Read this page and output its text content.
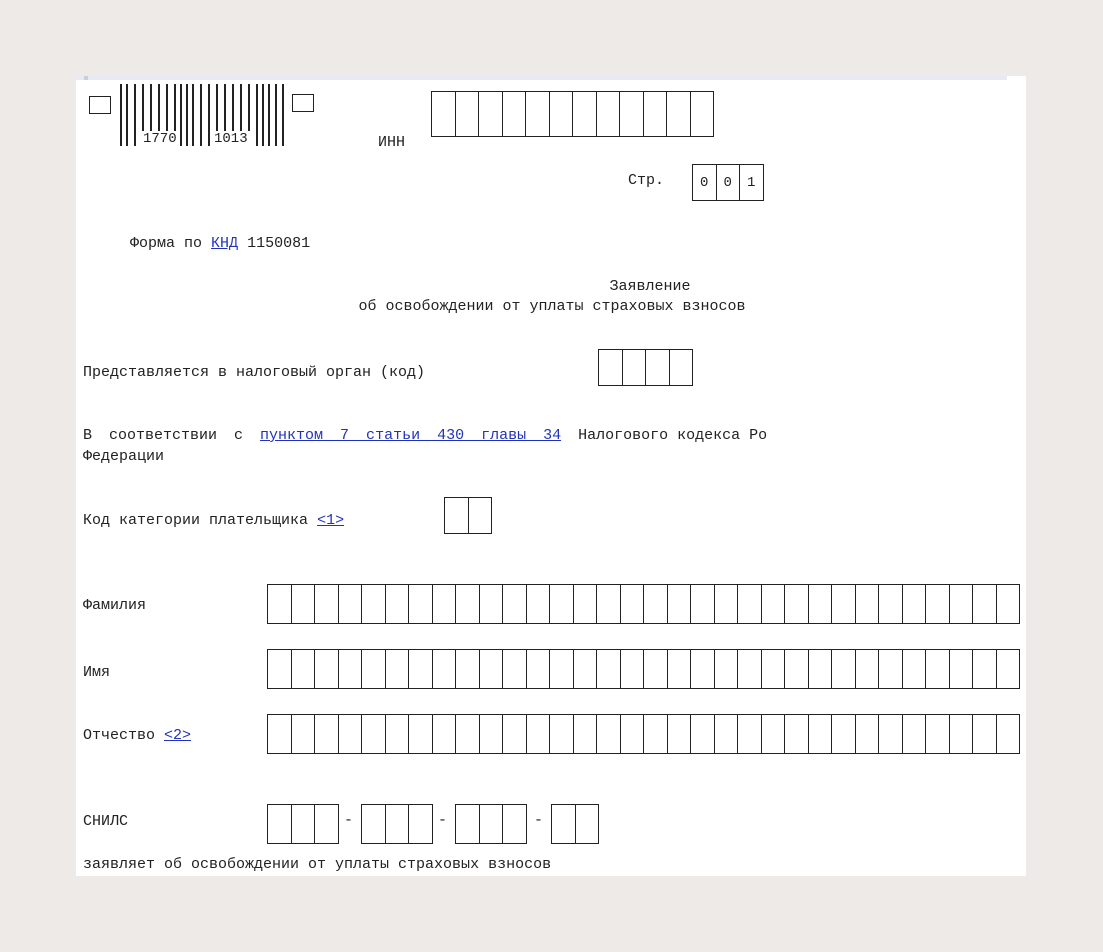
1770	1013	ИНН
Стр.	0	0	1
Форма по КНД 1150081
Заявление
об освобождении от уплаты страховых взносов
Представляется в налоговый орган (код)
В соответствии с пунктом 7 статьи 430 главы 34 Налогового кодекса Ро
Федерации
Код категории плательщика <1>
Фамилия
Имя
Отчество <2>
СНИЛС	-	-	-
заявляет об освобождении от уплаты страховых взносов
